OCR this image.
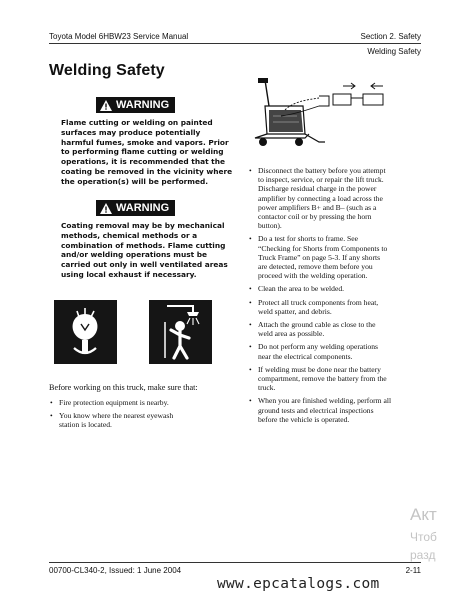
Toyota Model 6HBW23 Service Manual	Section 2. Safety
Welding Safety
Welding Safety
WARNING
Flame cutting or welding on painted
surfaces may produce potentially
harmful fumes, smoke and vapors. Prior
to performing flame cutting or welding
operations, it is recommended that the
coating be removed in the vicinity where
the operation(s) will be performed.
WARNING
Coating removal may be by mechanical
methods, chemical methods or a
combination of methods. Flame cutting
and/or welding operations must be
carried out only in well ventilated areas
using local exhaust if necessary.
Before working on this truck, make sure that:
• Fire protection equipment is nearby.
• You know where the nearest eyewash
station is located.
• Disconnect the battery before you attempt
to inspect, service, or repair the lift truck.
Discharge residual charge in the power
amplifier by connecting a load across the
power amplifiers B+ and B– (such as a
contactor coil or by pressing the horn
button).
• Do a test for shorts to frame. See
“Checking for Shorts from Components to
Truck Frame” on page 5-3. If any shorts
are detected, remove them before you
proceed with the welding operation.
• Clean the area to be welded.
• Protect all truck components from heat,
weld spatter, and debris.
• Attach the ground cable as close to the
weld area as possible.
• Do not perform any welding operations
near the electrical components.
• If welding must be done near the battery
compartment, remove the battery from the
truck.
• When you are finished welding, perform all
ground tests and electrical inspections
before the vehicle is operated.
Акт
Чтоб
разд
00700-CL340-2, Issued: 1 June 2004	2-11
www.epcatalogs.com
